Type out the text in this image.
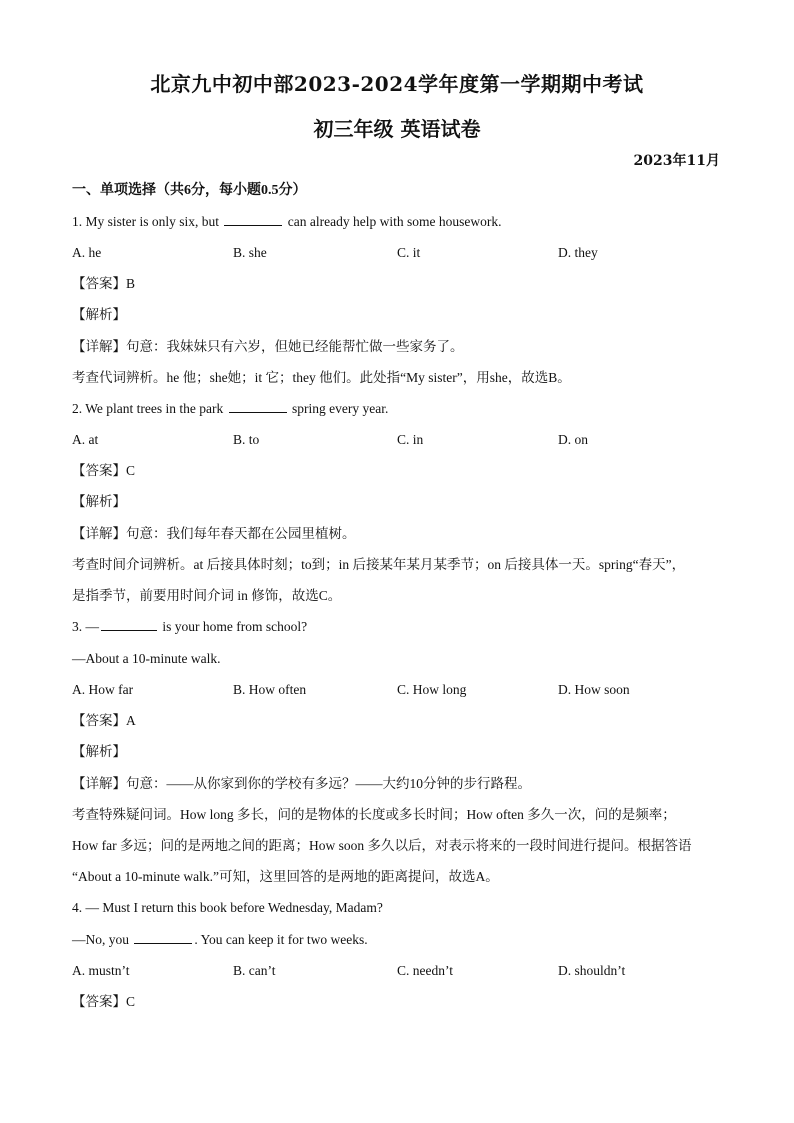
北京九中初中部2023-2024学年度第一学期期中考试
初三年级 英语试卷
2023年11月
一、单项选择（共6分，每小题0.5分）
1. My sister is only six, but	can already help with some housework.
A. he	B. she	C. it	D. they
【答案】B
【解析】
【详解】句意：我妹妹只有六岁，但她已经能帮忙做一些家务了。
考查代词辨析。he 他；she她；it 它；they 他们。此处指“My sister”，用she，故选B。
2. We plant trees in the park	spring every year.
A. at	B. to	C. in	D. on
【答案】C
【解析】
【详解】句意：我们每年春天都在公园里植树。
考查时间介词辨析。at 后接具体时刻；to到；in 后接某年某月某季节；on 后接具体一天。spring“春天”，
是指季节，前要用时间介词 in 修饰，故选C。
3. —	is your home from school?
—About a 10-minute walk.
A. How far	B. How often	C. How long	D. How soon
【答案】A
【解析】
【详解】句意：——从你家到你的学校有多远？——大约10分钟的步行路程。
考查特殊疑问词。How long 多长，问的是物体的长度或多长时间；How often 多久一次，问的是频率；
How far 多远；问的是两地之间的距离；How soon 多久以后，对表示将来的一段时间进行提问。根据答语
“About a 10-minute walk.”可知，这里回答的是两地的距离提问，故选A。
4. — Must I return this book before Wednesday, Madam?
—No, you	. You can keep it for two weeks.
A. mustn’t	B. can’t	C. needn’t	D. shouldn’t
【答案】C
